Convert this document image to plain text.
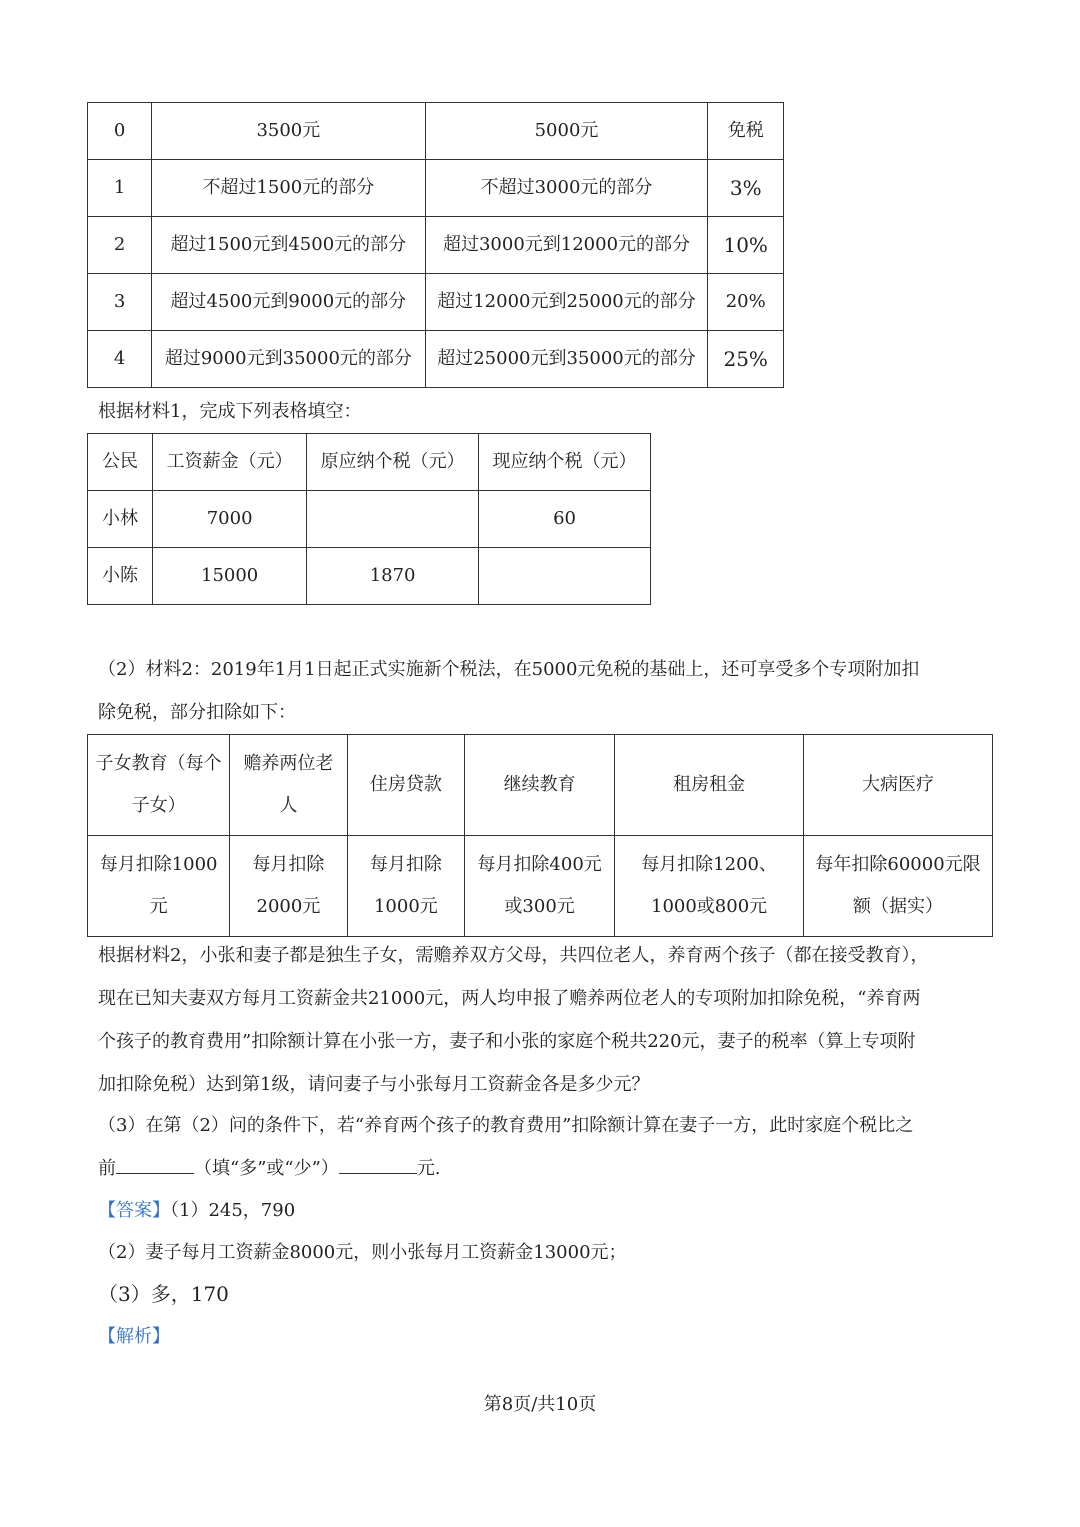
0	3500元	5000元	免税
1	不超过1500元的部分	不超过3000元的部分	3%
2	超过1500元到4500元的部分	超过3000元到12000元的部分	10%
3	超过4500元到9000元的部分	超过12000元到25000元的部分	20%
4	超过9000元到35000元的部分	超过25000元到35000元的部分	25%
根据材料1，完成下列表格填空：
公民	工资薪金（元）	原应纳个税（元）	现应纳个税（元）
小林	7000		60
小陈	15000	1870	
（2）材料2：2019年1月1日起正式实施新个税法，在5000元免税的基础上，还可享受多个专项附加扣
除免税，部分扣除如下：
子女教育（每个子女）	赡养两位老人	住房贷款	继续教育	租房租金	大病医疗
每月扣除1000元	每月扣除2000元	每月扣除1000元	每月扣除400元或300元	每月扣除1200、1000或800元	每年扣除60000元限额（据实）
根据材料2，小张和妻子都是独生子女，需赡养双方父母，共四位老人，养育两个孩子（都在接受教育），
现在已知夫妻双方每月工资薪金共21000元，两人均申报了赡养两位老人的专项附加扣除免税，“养育两
个孩子的教育费用”扣除额计算在小张一方，妻子和小张的家庭个税共220元，妻子的税率（算上专项附
加扣除免税）达到第1级，请问妻子与小张每月工资薪金各是多少元？
（3）在第（2）问的条件下，若“养育两个孩子的教育费用”扣除额计算在妻子一方，此时家庭个税比之
前	（填“多”或“少”）	元.
【答案】（1）245，790
（2）妻子每月工资薪金8000元，则小张每月工资薪金13000元；
（3）多，170
【解析】
第8页/共10页
